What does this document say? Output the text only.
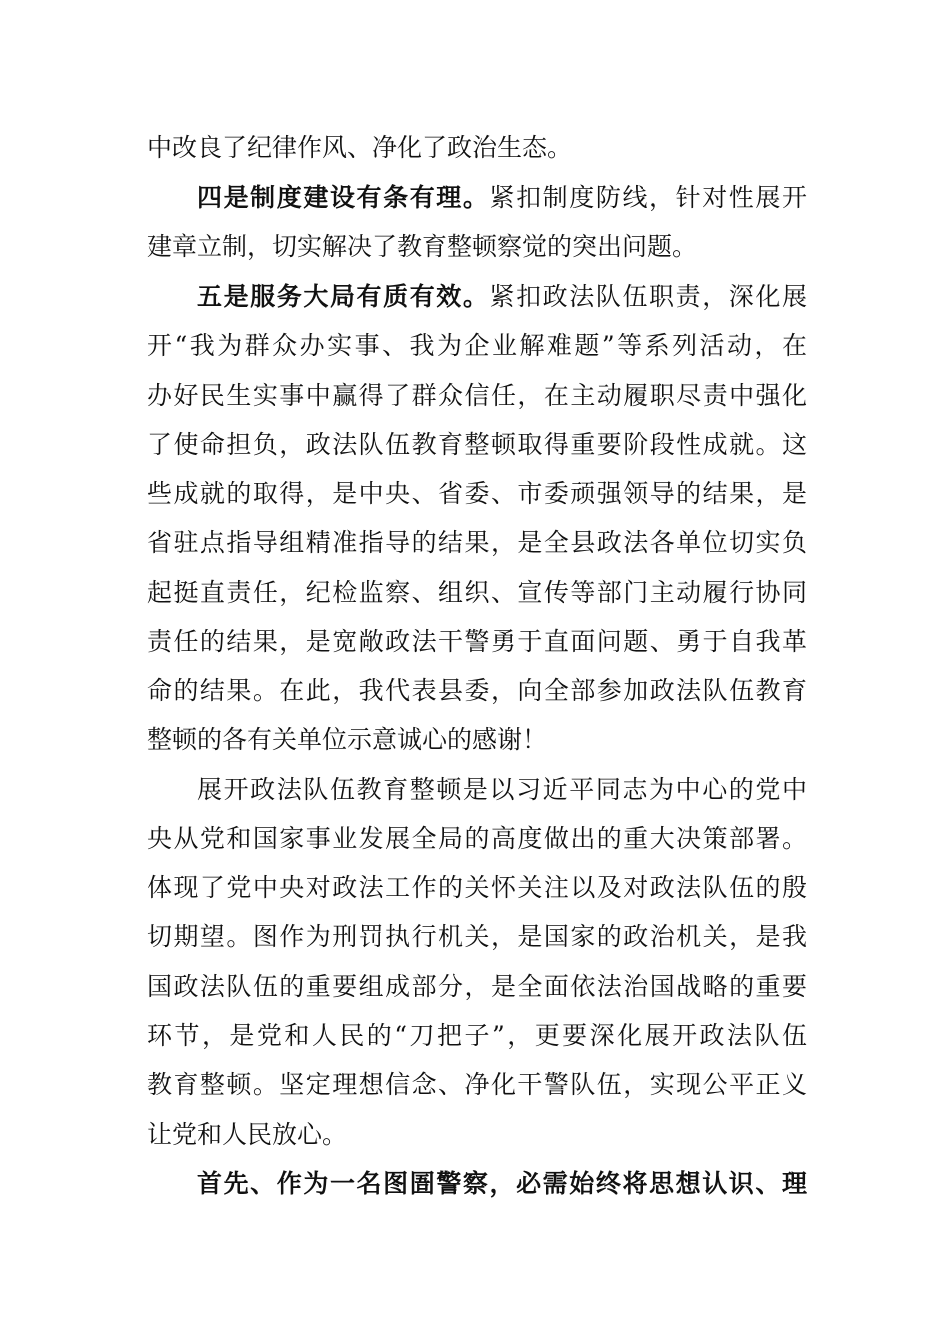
中改良了纪律作风、净化了政治生态。
四是制度建设有条有理。紧扣制度防线，针对性展开
建章立制，切实解决了教育整顿察觉的突出问题。
五是服务大局有质有效。紧扣政法队伍职责，深化展
开“我为群众办实事、我为企业解难题”等系列活动，在
办好民生实事中赢得了群众信任，在主动履职尽责中强化
了使命担负，政法队伍教育整顿取得重要阶段性成就。这
些成就的取得，是中央、省委、市委顽强领导的结果，是
省驻点指导组精准指导的结果，是全县政法各单位切实负
起挺直责任，纪检监察、组织、宣传等部门主动履行协同
责任的结果，是宽敞政法干警勇于直面问题、勇于自我革
命的结果。在此，我代表县委，向全部参加政法队伍教育
整顿的各有关单位示意诚心的感谢！
展开政法队伍教育整顿是以习近平同志为中心的党中
央从党和国家事业发展全局的高度做出的重大决策部署。
体现了党中央对政法工作的关怀关注以及对政法队伍的殷
切期望。图作为刑罚执行机关，是国家的政治机关，是我
国政法队伍的重要组成部分，是全面依法治国战略的重要
环节，是党和人民的“刀把子”，更要深化展开政法队伍
教育整顿。坚定理想信念、净化干警队伍，实现公平正义
让党和人民放心。
首先、作为一名图圄警察，必需始终将思想认识、理
